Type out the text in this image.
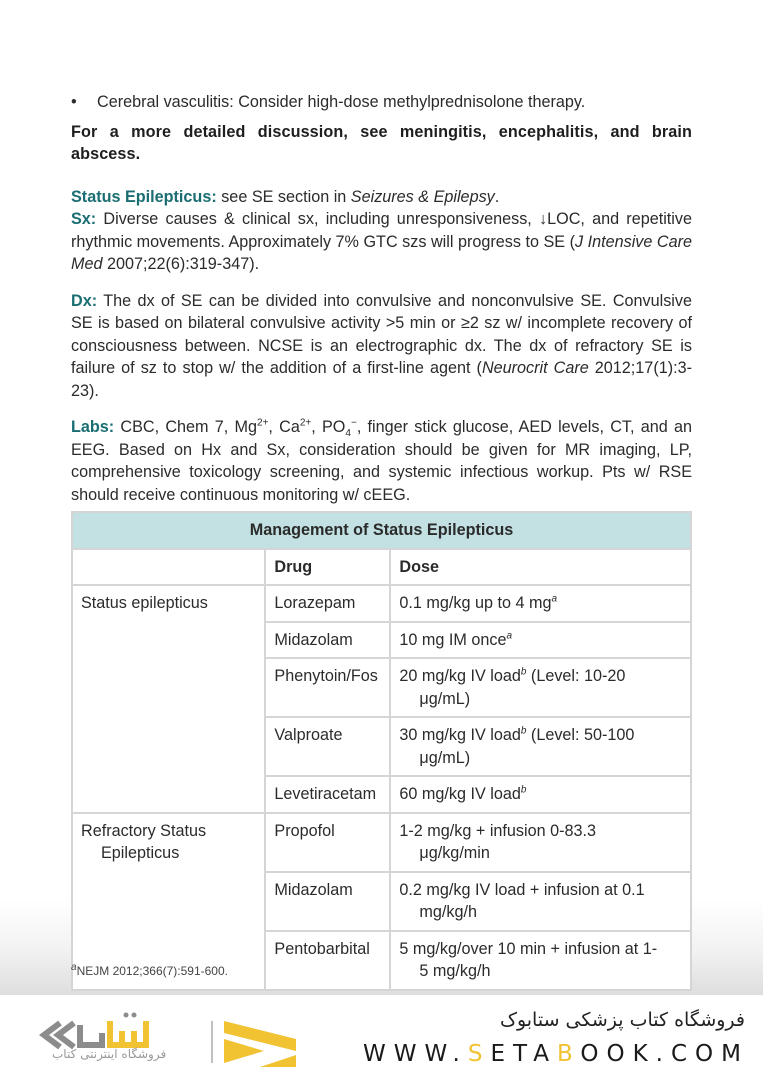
•	Cerebral vasculitis: Consider high-dose methylprednisolone therapy.

For a more detailed discussion, see meningitis, encephalitis, and brain abscess.

Status Epilepticus: see SE section in Seizures & Epilepsy.

Sx: Diverse causes & clinical sx, including unresponsiveness, ↓LOC, and repetitive rhythmic movements. Approximately 7% GTC szs will progress to SE (J Intensive Care Med 2007;22(6):319-347).

Dx: The dx of SE can be divided into convulsive and nonconvulsive SE. Convulsive SE is based on bilateral convulsive activity >5 min or ≥2 sz w/ incomplete recovery of consciousness between. NCSE is an electrographic dx. The dx of refractory SE is failure of sz to stop w/ the addition of a first-line agent (Neurocrit Care 2012;17(1):3-23).

Labs: CBC, Chem 7, $Mg^{2+}$, $Ca^{2+}$, $PO_4^-$, finger stick glucose, AED levels, CT, and an EEG. Based on Hx and Sx, consideration should be given for MR imaging, LP, comprehensive toxicology screening, and systemic infectious workup. Pts w/ RSE should receive continuous monitoring w/ cEEG.

Management of Status Epilepticus		
	Drug	Dose
Status epilepticus	Lorazepam	0.1 mg/kg up to 4 $mg^a$
	Midazolam	10 mg IM once$^a$
	Phenytoin/Fos	20 mg/kg IV load$^b$ (Level: 10-20
μg/mL)

	Valproate	30 mg/kg IV load$^b$ (Level: 50-100
μg/mL)

	Levetiracetam	60 mg/kg IV load$^b$
Refractory Status
Epilepticus	Propofol	1-2 mg/kg + infusion 0-83.3
μg/kg/min

	Midazolam	0.2 mg/kg IV load + infusion at 0.1
mg/kg/h

	Pentobarbital	5 mg/kg/over 10 min + infusion at 1-
5 mg/kg/h
$^a$NEJM 2012;366(7):591-600.
فروشگاه اینترنتی کتاب
فروشگاه کتاب پزشکی ستابوک
WWW.SETABOOK.COM
